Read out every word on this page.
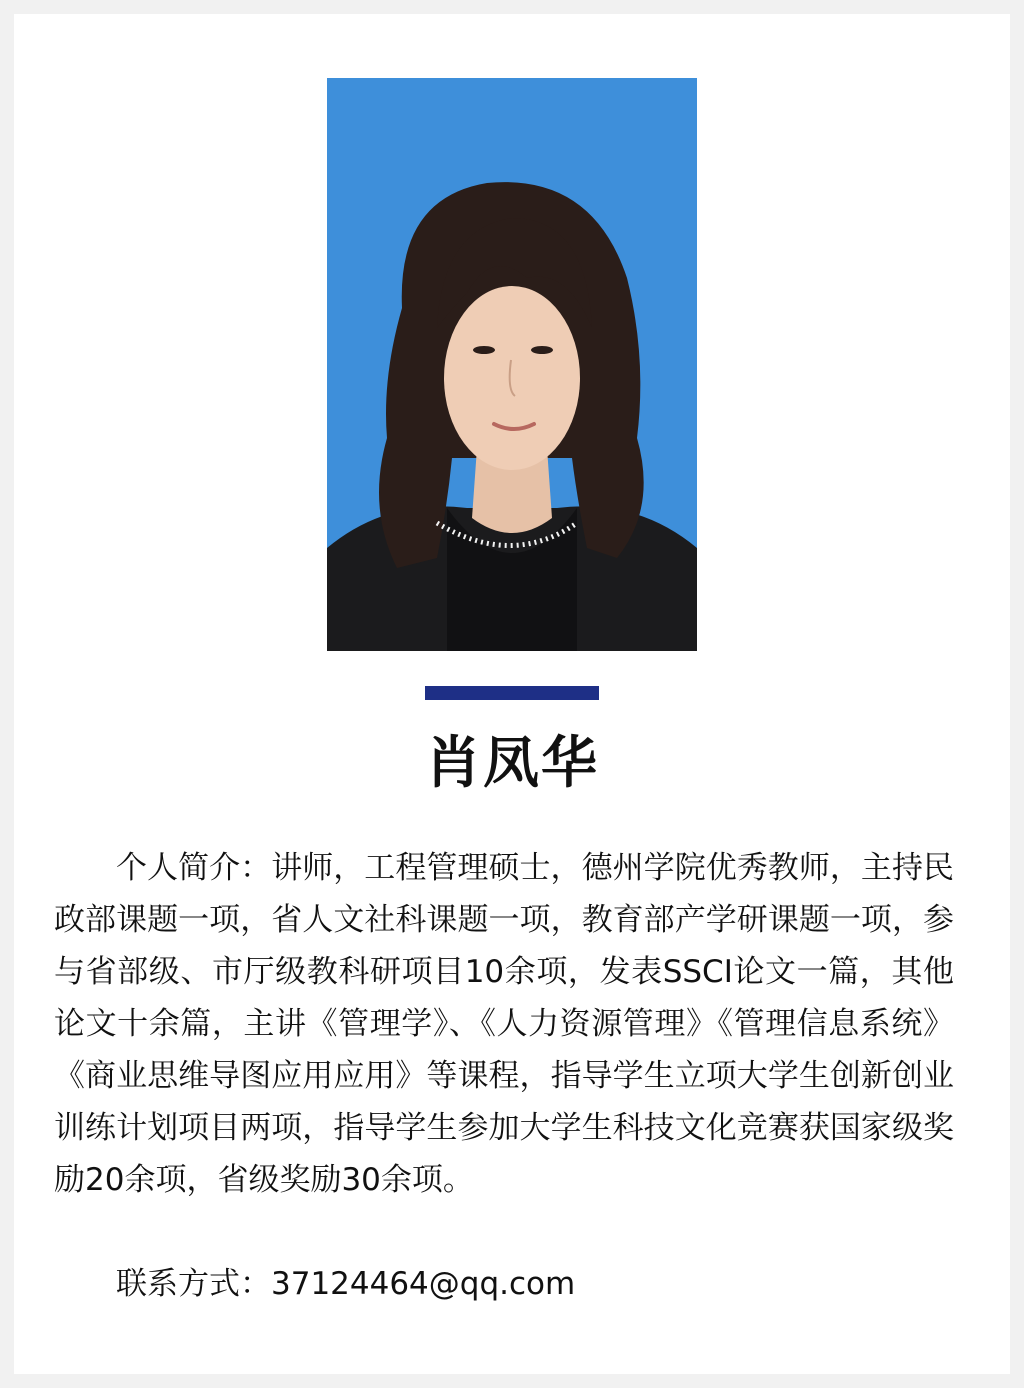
肖凤华

个人简介：讲师，工程管理硕士，德州学院优秀教师，主持民政部课题一项，省人文社科课题一项，教育部产学研课题一项，参与省部级、市厅级教科研项目10余项，发表SSCI论文一篇，其他论文十余篇，主讲《管理学》、《人力资源管理》《管理信息系统》《商业思维导图应用应用》等课程，指导学生立项大学生创新创业训练计划项目两项，指导学生参加大学生科技文化竞赛获国家级奖励20余项，省级奖励30余项。

联系方式：37124464@qq.com
